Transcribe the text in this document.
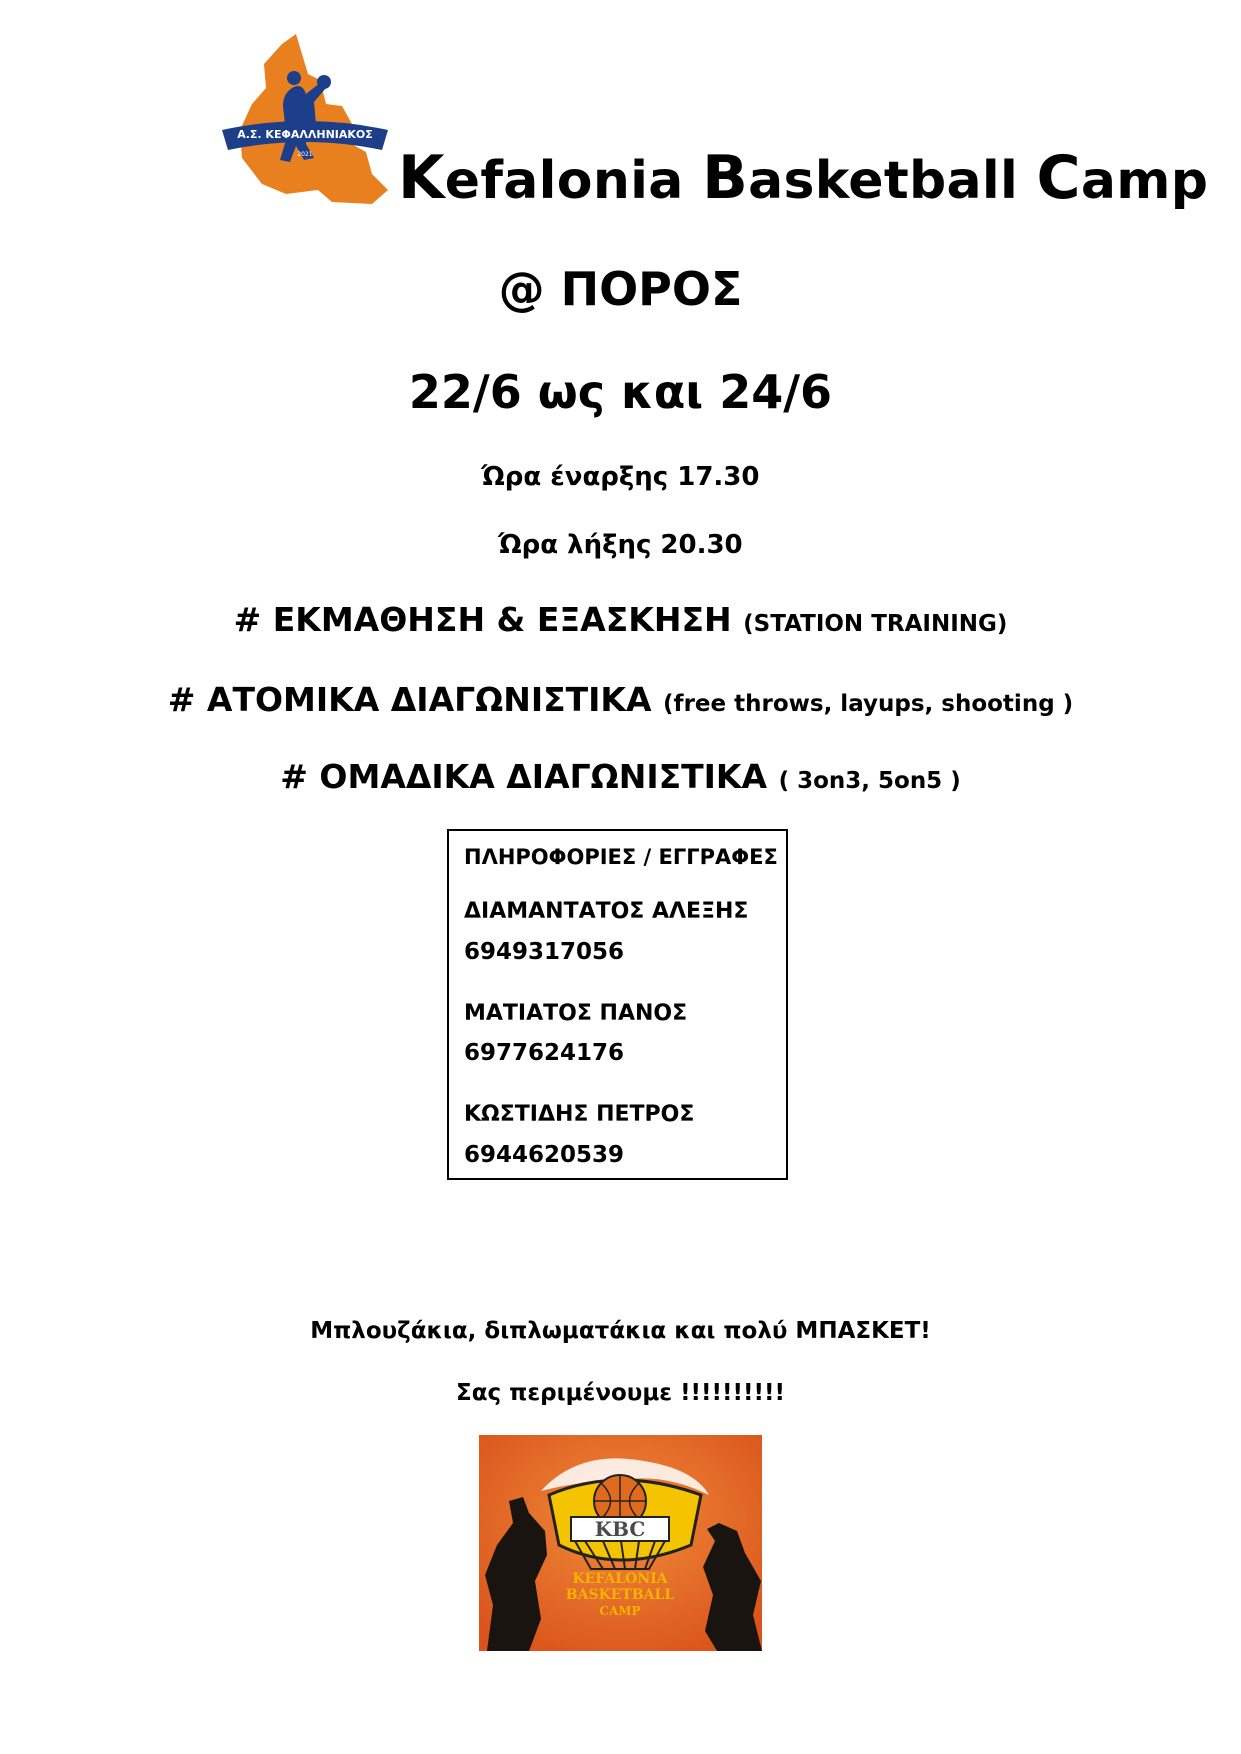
Α.Σ. ΚΕΦΑΛΛΗΝΙΑΚΟΣ
2021 Kefalonia Basketball Camp
@ ΠΟΡΟΣ
22/6 ως και 24/6
Ώρα έναρξης 17.30
Ώρα λήξης 20.30
# ΕΚΜΑΘΗΣΗ & ΕΞΑΣΚΗΣΗ (STATION TRAINING)
# ΑΤΟΜΙΚΑ ΔΙΑΓΩΝΙΣΤΙΚΑ (free throws, layups, shooting )
# ΟΜΑΔΙΚΑ ΔΙΑΓΩΝΙΣΤΙΚΑ ( 3on3, 5on5 )
ΠΛΗΡΟΦΟΡΙΕΣ / ΕΓΓΡΑΦΕΣ
ΔΙΑΜΑΝΤΑΤΟΣ ΑΛΕΞΗΣ
6949317056
ΜΑΤΙΑΤΟΣ ΠΑΝΟΣ
6977624176
ΚΩΣΤΙΔΗΣ ΠΕΤΡΟΣ
6944620539
Μπλουζάκια, διπλωματάκια και πολύ ΜΠΑΣΚΕΤ!
Σας περιμένουμε !!!!!!!!!!
KBC
KEFALONIA
BASKETBALL
CAMP
